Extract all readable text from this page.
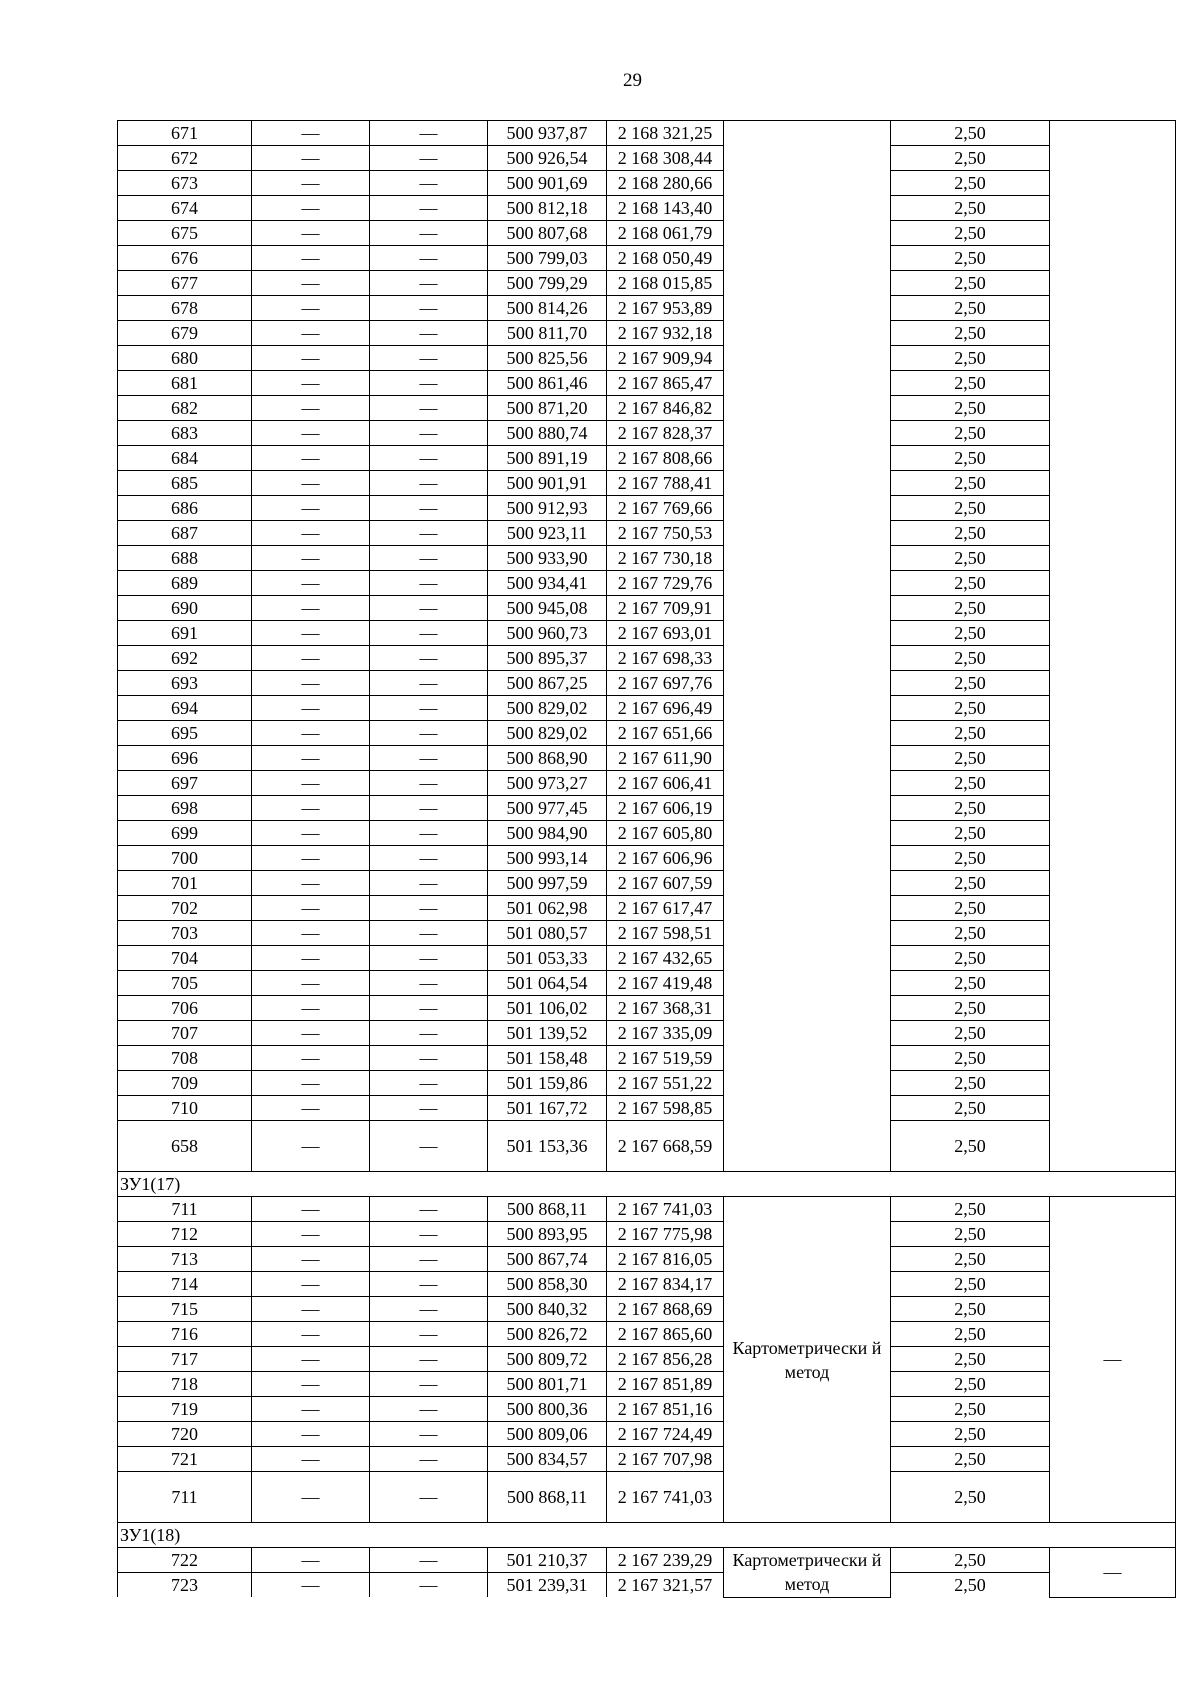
29
671	—	—	500 937,87	2 168 321,25		2,50	
672	—	—	500 926,54	2 168 308,44		2,50	
673	—	—	500 901,69	2 168 280,66		2,50	
674	—	—	500 812,18	2 168 143,40		2,50	
675	—	—	500 807,68	2 168 061,79		2,50	
676	—	—	500 799,03	2 168 050,49		2,50	
677	—	—	500 799,29	2 168 015,85		2,50	
678	—	—	500 814,26	2 167 953,89		2,50	
679	—	—	500 811,70	2 167 932,18		2,50	
680	—	—	500 825,56	2 167 909,94		2,50	
681	—	—	500 861,46	2 167 865,47		2,50	
682	—	—	500 871,20	2 167 846,82		2,50	
683	—	—	500 880,74	2 167 828,37		2,50	
684	—	—	500 891,19	2 167 808,66		2,50	
685	—	—	500 901,91	2 167 788,41		2,50	
686	—	—	500 912,93	2 167 769,66		2,50	
687	—	—	500 923,11	2 167 750,53		2,50	
688	—	—	500 933,90	2 167 730,18		2,50	
689	—	—	500 934,41	2 167 729,76		2,50	
690	—	—	500 945,08	2 167 709,91		2,50	
691	—	—	500 960,73	2 167 693,01		2,50	
692	—	—	500 895,37	2 167 698,33		2,50	
693	—	—	500 867,25	2 167 697,76		2,50	
694	—	—	500 829,02	2 167 696,49		2,50	
695	—	—	500 829,02	2 167 651,66		2,50	
696	—	—	500 868,90	2 167 611,90		2,50	
697	—	—	500 973,27	2 167 606,41		2,50	
698	—	—	500 977,45	2 167 606,19		2,50	
699	—	—	500 984,90	2 167 605,80		2,50	
700	—	—	500 993,14	2 167 606,96		2,50	
701	—	—	500 997,59	2 167 607,59		2,50	
702	—	—	501 062,98	2 167 617,47		2,50	
703	—	—	501 080,57	2 167 598,51		2,50	
704	—	—	501 053,33	2 167 432,65		2,50	
705	—	—	501 064,54	2 167 419,48		2,50	
706	—	—	501 106,02	2 167 368,31		2,50	
707	—	—	501 139,52	2 167 335,09		2,50	
708	—	—	501 158,48	2 167 519,59		2,50	
709	—	—	501 159,86	2 167 551,22		2,50	
710	—	—	501 167,72	2 167 598,85		2,50	
658	—	—	501 153,36	2 167 668,59		2,50	
ЗУ1(17)							
711	—	—	500 868,11	2 167 741,03	Картометрически й метод	2,50	—
712	—	—	500 893,95	2 167 775,98		2,50	
713	—	—	500 867,74	2 167 816,05		2,50	
714	—	—	500 858,30	2 167 834,17		2,50	
715	—	—	500 840,32	2 167 868,69		2,50	
716	—	—	500 826,72	2 167 865,60		2,50	
717	—	—	500 809,72	2 167 856,28		2,50	
718	—	—	500 801,71	2 167 851,89		2,50	
719	—	—	500 800,36	2 167 851,16		2,50	
720	—	—	500 809,06	2 167 724,49		2,50	
721	—	—	500 834,57	2 167 707,98		2,50	
711	—	—	500 868,11	2 167 741,03		2,50	
ЗУ1(18)							
722	—	—	501 210,37	2 167 239,29	Картометрически й метод	2,50	—
723	—	—	501 239,31	2 167 321,57		2,50	
